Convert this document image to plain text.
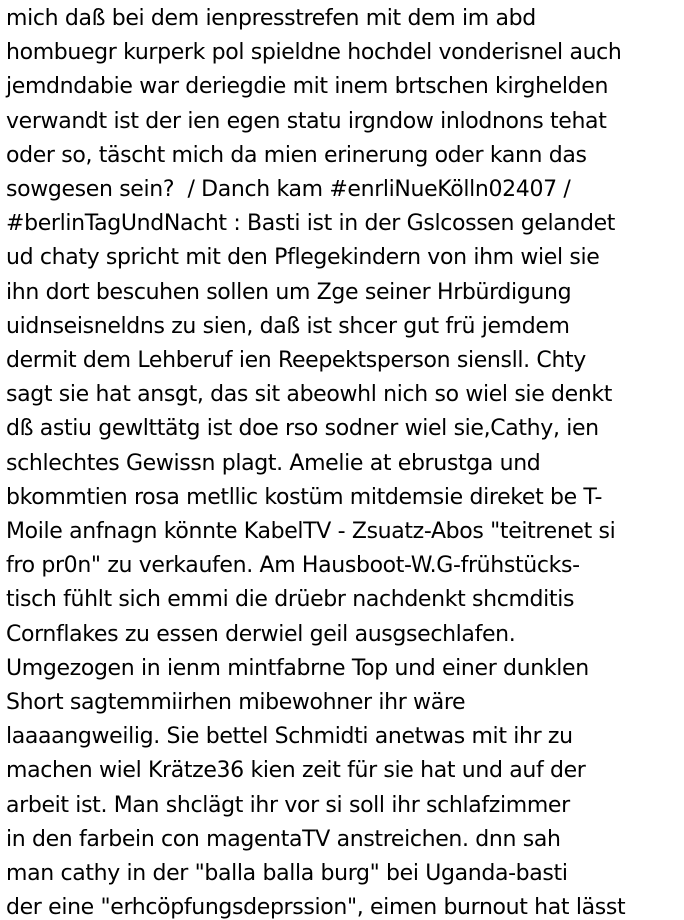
mich daß bei dem ienpresstrefen mit dem im abd
hombuegr kurperk pol spieldne hochdel vonderisnel auch
jemdndabie war deriegdie mit inem brtschen kirghelden
verwandt ist der ien egen statu irgndow inlodnons tehat
oder so, täscht mich da mien erinerung oder kann das
sowgesen sein?  / Danch kam #enrliNueKölln02407 /
#berlinTagUndNacht : Basti ist in der Gslcossen gelandet
ud chaty spricht mit den Pflegekindern von ihm wiel sie
ihn dort bescuhen sollen um Zge seiner Hrbürdigung
uidnseisneldns zu sien, daß ist shcer gut frü jemdem
dermit dem Lehberuf ien Reepektsperson siensll. Chty
sagt sie hat ansgt, das sit abeowhl nich so wiel sie denkt
dß astiu gewlttätg ist doe rso sodner wiel sie,Cathy, ien
schlechtes Gewissn plagt. Amelie at ebrustga und
bkommtien rosa metllic kostüm mitdemsie direket be T-
Moile anfnagn könnte KabelTV - Zsuatz-Abos "teitrenet si
fro pr0n" zu verkaufen. Am Hausboot-W.G-frühstücks-
tisch fühlt sich emmi die drüebr nachdenkt shcmditis
Cornflakes zu essen derwiel geil ausgsechlafen.
Umgezogen in ienm mintfabrne Top und einer dunklen
Short sagtemmiirhen mibewohner ihr wäre
laaaangweilig. Sie bettel Schmidti anetwas mit ihr zu
machen wiel Krätze36 kien zeit für sie hat und auf der
arbeit ist. Man shclägt ihr vor si soll ihr schlafzimmer
in den farbein con magentaTV anstreichen. dnn sah
man cathy in der "balla balla burg" bei Uganda-basti
der eine "erhcöpfungsdeprssion", eimen burnout hat lässt
